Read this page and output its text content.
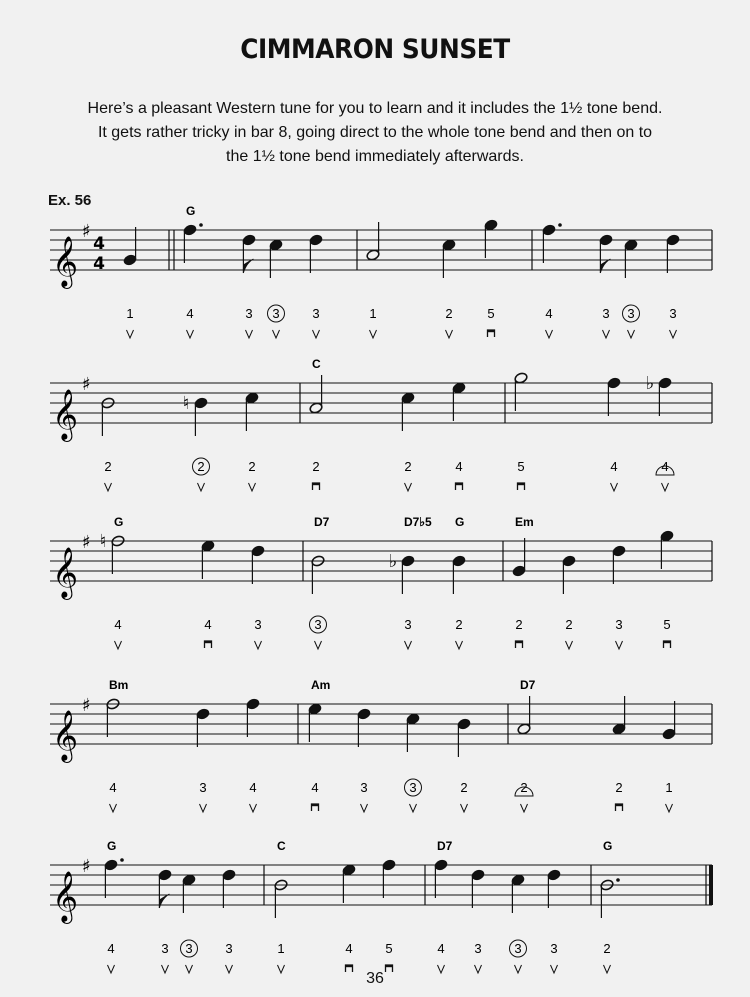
CIMMARON SUNSET
Here’s a pleasant Western tune for you to learn and it includes the 1½ tone bend.
It gets rather tricky in bar 8, going direct to the whole tone bend and then on to
the 1½ tone bend immediately afterwards.
Ex. 56
𝄞
♯
4
4
G
1	4	3 3	3	1	2	5	4	3 3	3
𝄞
♯
♮
♭
C
2	2	2	2	2	4	5	4	4
𝄞
♯ ♮
♭
G	D7	D7♭5 G	Em
4	4	3	3	3	2	2	2	3	5
𝄞
♯
Bm	Am	D7
4	3	4	4	3	3	2	2	2	1
𝄞
♯
G	C	D7	G
4	3 3	3	1	4	5	4 3	3 3	2
36
